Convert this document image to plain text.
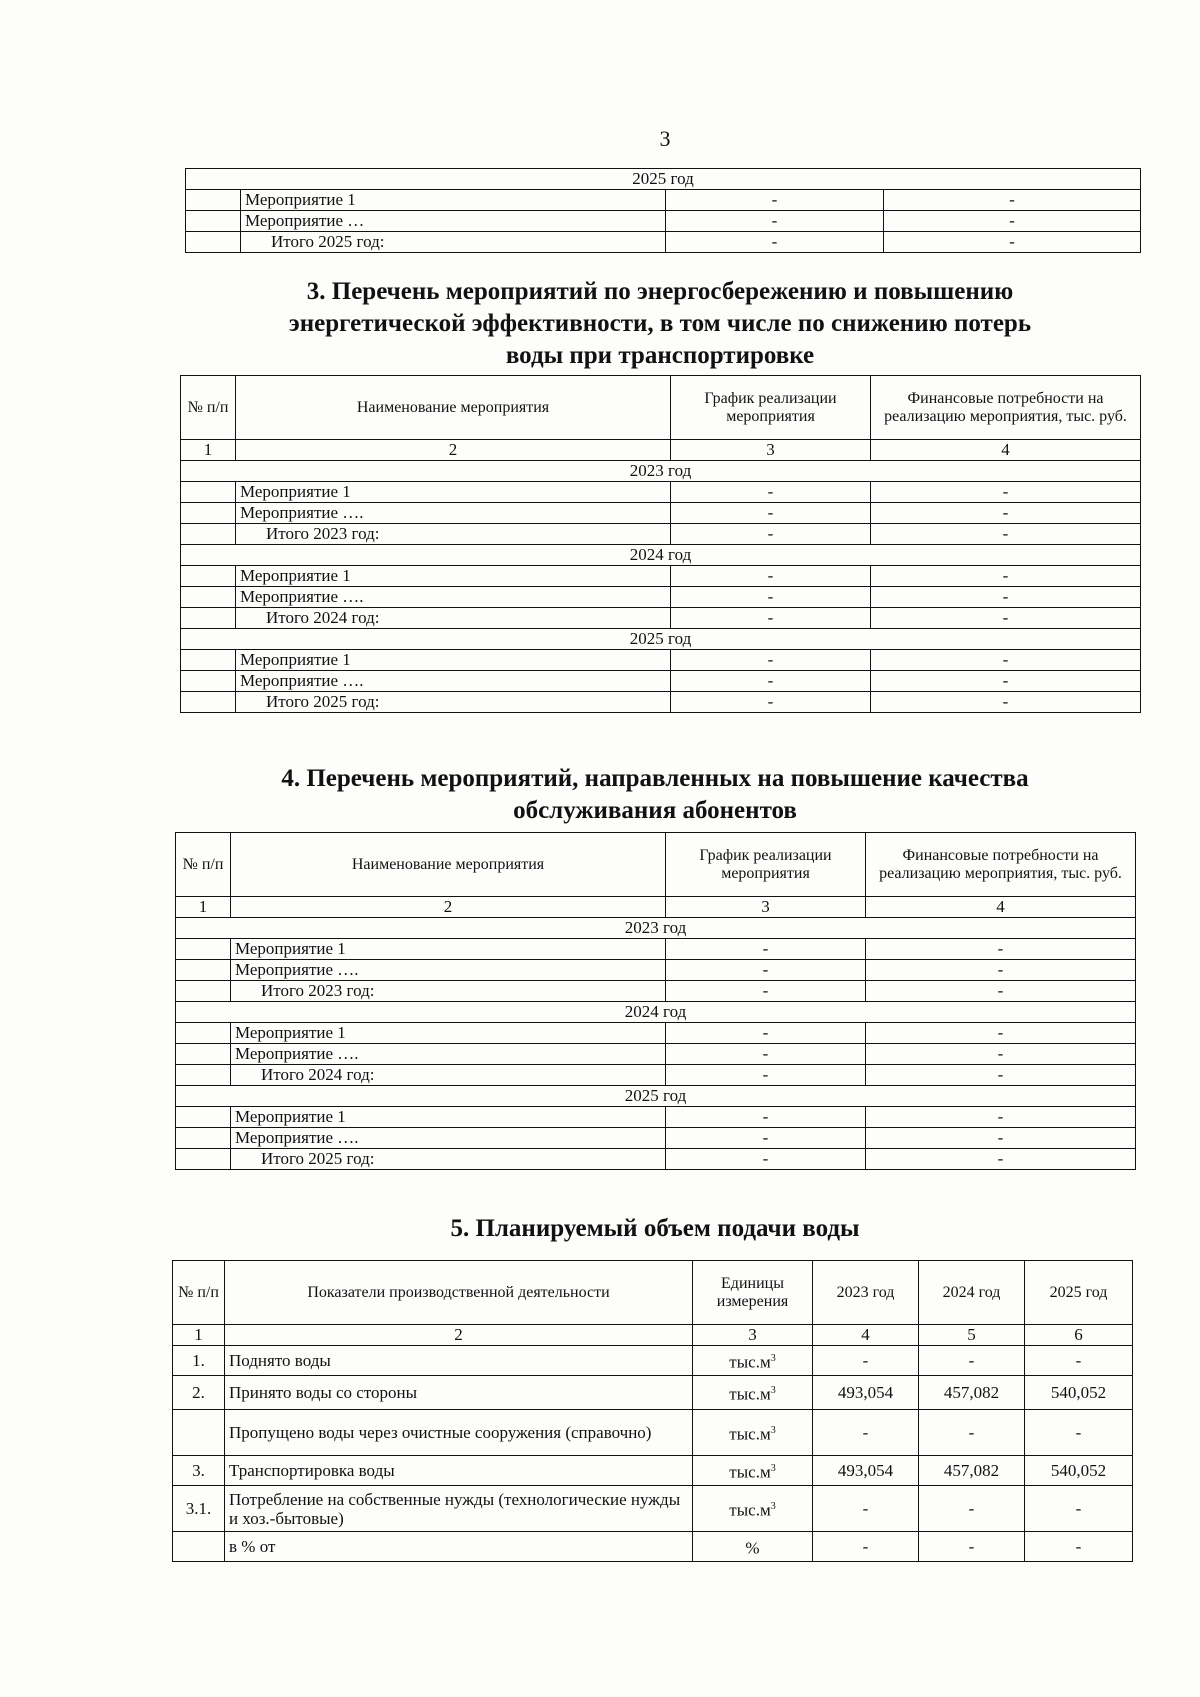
3
2025 год			
	Мероприятие 1	-	-
	Мероприятие …	-	-
	Итого 2025 год:	-	-
3. Перечень мероприятий по энергосбережению и повышению
энергетической эффективности, в том числе по снижению потерь
воды при транспортировке
№ п/п	Наименование мероприятия	График реализации мероприятия	Финансовые потребности на реализацию мероприятия, тыс. руб.
1	2	3	4
2023 год			
	Мероприятие 1	-	-
	Мероприятие ….	-	-
	Итого 2023 год:	-	-
2024 год			
	Мероприятие 1	-	-
	Мероприятие ….	-	-
	Итого 2024 год:	-	-
2025 год			
	Мероприятие 1	-	-
	Мероприятие ….	-	-
	Итого 2025 год:	-	-
4. Перечень мероприятий, направленных на повышение качества
обслуживания абонентов
№ п/п	Наименование мероприятия	График реализации мероприятия	Финансовые потребности на реализацию мероприятия, тыс. руб.
1	2	3	4
2023 год			
	Мероприятие 1	-	-
	Мероприятие ….	-	-
	Итого 2023 год:	-	-
2024 год			
	Мероприятие 1	-	-
	Мероприятие ….	-	-
	Итого 2024 год:	-	-
2025 год			
	Мероприятие 1	-	-
	Мероприятие ….	-	-
	Итого 2025 год:	-	-
5. Планируемый объем подачи воды
№ п/п	Показатели производственной деятельности	Единицы измерения	2023 год	2024 год	2025 год
1	2	3	4	5	6
1.	Поднято воды	$тыс.м^3$	-	-	-
2.	Принято воды со стороны	$тыс.м^3$	493,054	457,082	540,052
	Пропущено воды через очистные сооружения (справочно)	$тыс.м^3$	-	-	-
3.	Транспортировка воды	$тыс.м^3$	493,054	457,082	540,052
3.1.	Потребление на собственные нужды (технологические нужды и хоз.-бытовые)	$тыс.м^3$	-	-	-
	в % от	%	-	-	-
